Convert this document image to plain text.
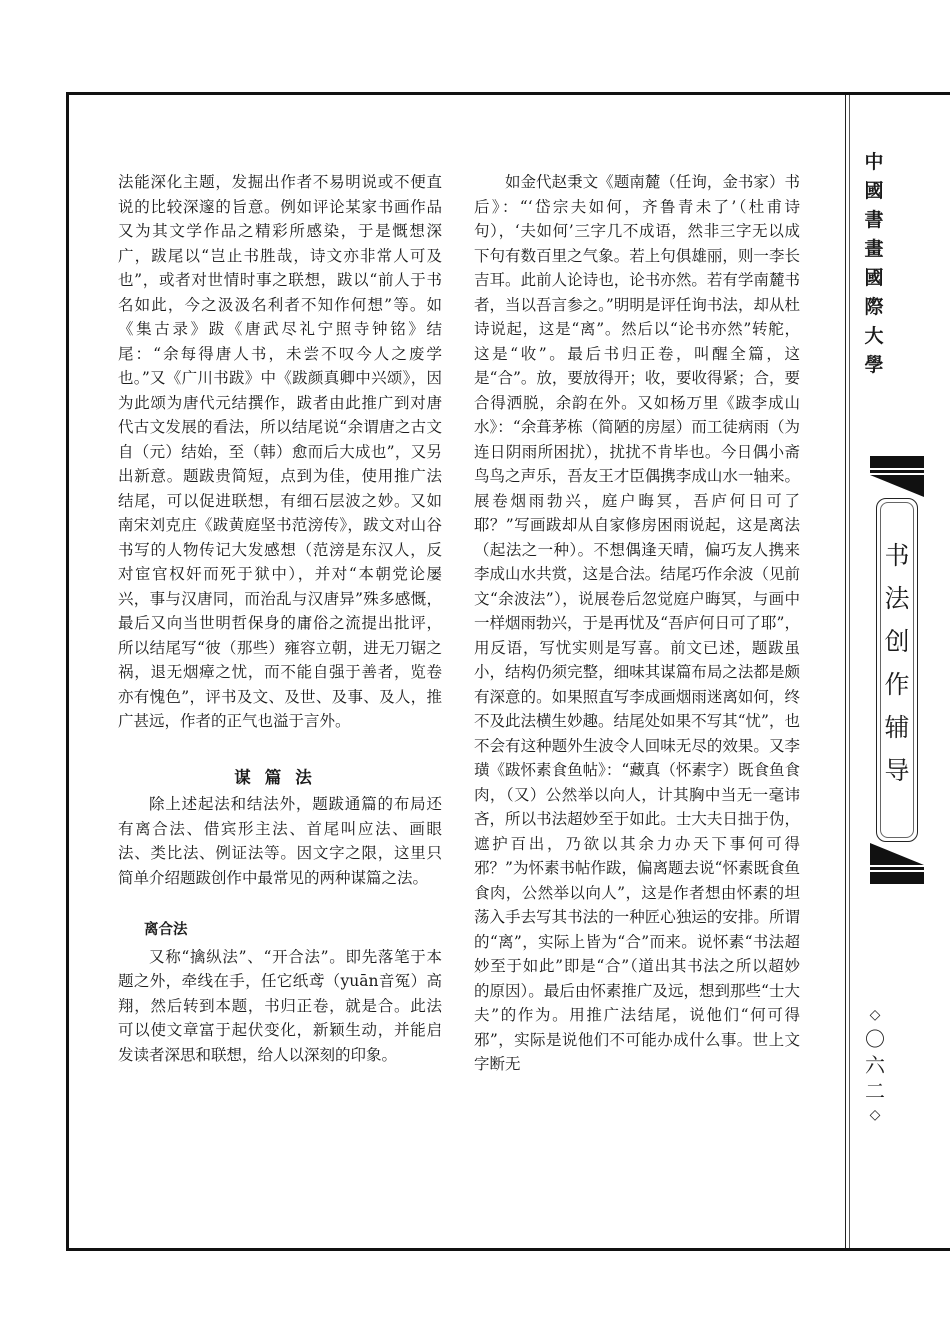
法能深化主题，发掘出作者不易明说或不便直说的比较深邃的旨意。例如评论某家书画作品又为其文学作品之精彩所感染，于是慨想深广，跋尾以“岂止书胜哉，诗文亦非常人可及也”，或者对世情时事之联想，跋以“前人于书名如此，今之汲汲名利者不知作何想”等。如《集古录》跋《唐武尽礼宁照寺钟铭》结尾：“余每得唐人书，未尝不叹今人之废学也。”又《广川书跋》中《跋颜真卿中兴颂》，因为此颂为唐代元结撰作，跋者由此推广到对唐代古文发展的看法，所以结尾说“余谓唐之古文自（元）结始，至（韩）愈而后大成也”，又另出新意。题跋贵简短，点到为佳，使用推广法结尾，可以促进联想，有细石层波之妙。又如南宋刘克庄《跋黄庭坚书范滂传》，跋文对山谷书写的人物传记大发感想（范滂是东汉人，反对宦官权奸而死于狱中），并对“本朝党论屡兴，事与汉唐同，而治乱与汉唐异”殊多感慨，最后又向当世明哲保身的庸俗之流提出批评，所以结尾写“彼（那些）雍容立朝，进无刀锯之祸，退无烟瘴之忧，而不能自强于善者，览卷亦有愧色”，评书及文、及世、及事、及人，推广甚远，作者的正气也溢于言外。

谋篇法

除上述起法和结法外，题跋通篇的布局还有离合法、借宾形主法、首尾叫应法、画眼法、类比法、例证法等。因文字之限，这里只简单介绍题跋创作中最常见的两种谋篇之法。

离合法

又称“擒纵法”、“开合法”。即先落笔于本题之外，牵线在手，任它纸鸢（yuān音冤）高翔，然后转到本题，书归正卷，就是合。此法可以使文章富于起伏变化，新颖生动，并能启发读者深思和联想，给人以深刻的印象。

如金代赵秉文《题南麓（任询，金书家）书后》：“‘岱宗夫如何，齐鲁青未了’（杜甫诗句），‘夫如何’三字几不成语，然非三字无以成下句有数百里之气象。若上句俱雄丽，则一李长吉耳。此前人论诗也，论书亦然。若有学南麓书者，当以吾言参之。”明明是评任询书法，却从杜诗说起，这是“离”。然后以“论书亦然”转舵，这是“收”。最后书归正卷，叫醒全篇，这是“合”。放，要放得开；收，要收得紧；合，要合得洒脱，余韵在外。又如杨万里《跋李成山水》：“余葺茅栋（简陋的房屋）而工徒病雨（为连日阴雨所困扰），扰扰不肯毕也。今日偶小斋鸟鸟之声乐，吾友王才臣偶携李成山水一轴来。展卷烟雨勃兴，庭户晦冥，吾庐何日可了耶？”写画跋却从自家修房困雨说起，这是离法（起法之一种）。不想偶逢天晴，偏巧友人携来李成山水共赏，这是合法。结尾巧作余波（见前文“余波法”），说展卷后忽觉庭户晦冥，与画中一样烟雨勃兴，于是再忧及“吾庐何日可了耶”，用反语，写忧实则是写喜。前文已述，题跋虽小，结构仍须完整，细味其谋篇布局之法都是颇有深意的。如果照直写李成画烟雨迷离如何，终不及此法横生妙趣。结尾处如果不写其“忧”，也不会有这种题外生波令人回味无尽的效果。又李璜《跋怀素食鱼帖》：“藏真（怀素字）既食鱼食肉，（又）公然举以向人，计其胸中当无一毫讳吝，所以书法超妙至于如此。士大夫日拙于伪，遮护百出，乃欲以其余力办天下事何可得邪？”为怀素书帖作跋，偏离题去说“怀素既食鱼食肉，公然举以向人”，这是作者想由怀素的坦荡入手去写其书法的一种匠心独运的安排。所谓的“离”，实际上皆为“合”而来。说怀素“书法超妙至于如此”即是“合”（道出其书法之所以超妙的原因）。最后由怀素推广及远，想到那些“士大夫”的作为。用推广法结尾，说他们“何可得邪”，实际是说他们不可能办成什么事。世上文字断无

中
國
書
畫
國
際
大
學
书
法
创
作
辅
导
◇
〇
六
二
◇
